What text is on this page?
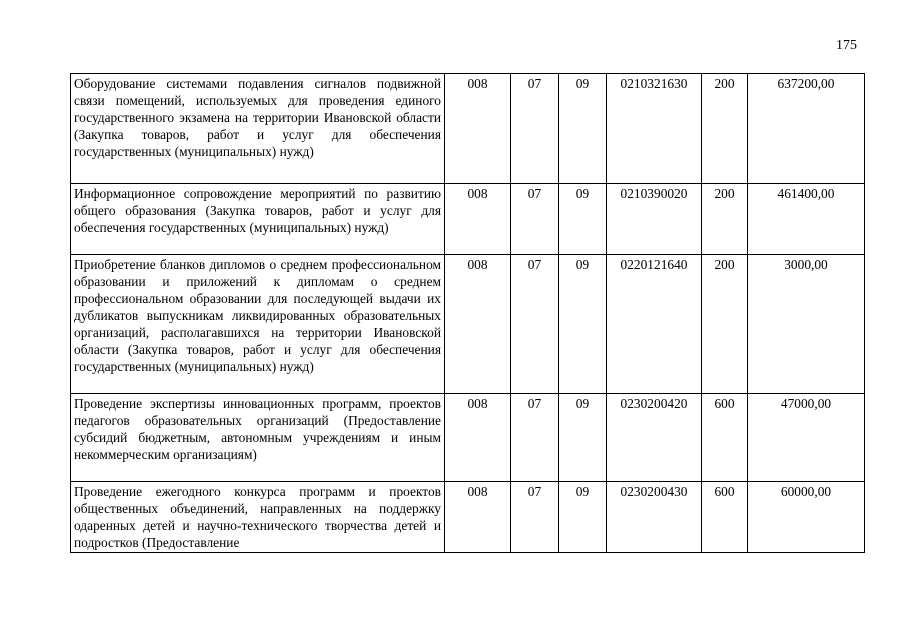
175
Оборудование системами подавления сигналов подвижной связи помещений, используемых для проведения единого государственного экзамена на территории Ивановской области (Закупка товаров, работ и услуг для обеспечения государственных (муниципальных) нужд)	008	07	09	0210321630	200	637200,00
Информационное сопровождение мероприятий по развитию общего образования (Закупка товаров, работ и услуг для обеспечения государственных (муниципальных) нужд)	008	07	09	0210390020	200	461400,00
Приобретение бланков дипломов о среднем профессиональном образовании и приложений к дипломам о среднем профессиональном образовании для последующей выдачи их дубликатов выпускникам ликвидированных образовательных организаций, располагавшихся на территории Ивановской области (Закупка товаров, работ и услуг для обеспечения государственных (муниципальных) нужд)	008	07	09	0220121640	200	3000,00
Проведение экспертизы инновационных программ, проектов педагогов образовательных организаций (Предоставление субсидий бюджетным, автономным учреждениям и иным некоммерческим организациям)	008	07	09	0230200420	600	47000,00
Проведение ежегодного конкурса программ и проектов общественных объединений, направленных на поддержку одаренных детей и научно-технического творчества детей и подростков (Предоставление	008	07	09	0230200430	600	60000,00
